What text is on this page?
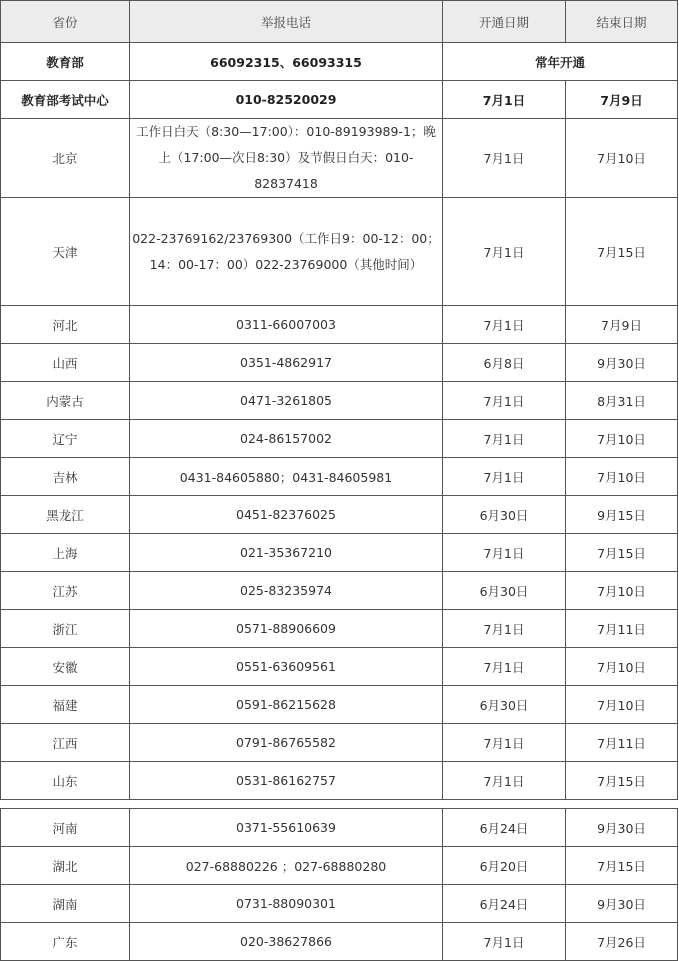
省份	举报电话	开通日期	结束日期
教育部	66092315、66093315	常年开通	
教育部考试中心	010-82520029	7月1日	7月9日
北京	工作日白天（8:30—17:00）：010-89193989-1；晚上（17:00—次日8:30）及节假日白天：010-82837418	7月1日	7月10日
天津	022-23769162/23769300（工作日9：00-12：00；14：00-17：00）022-23769000（其他时间）	7月1日	7月15日
河北	0311-66007003	7月1日	7月9日
山西	0351-4862917	6月8日	9月30日
内蒙古	0471-3261805	7月1日	8月31日
辽宁	024-86157002	7月1日	7月10日
吉林	0431-84605880；0431-84605981	7月1日	7月10日
黑龙江	0451-82376025	6月30日	9月15日
上海	021-35367210	7月1日	7月15日
江苏	025-83235974	6月30日	7月10日
浙江	0571-88906609	7月1日	7月11日
安徽	0551-63609561	7月1日	7月10日
福建	0591-86215628	6月30日	7月10日
江西	0791-86765582	7月1日	7月11日
山东	0531-86162757	7月1日	7月15日
河南	0371-55610639	6月24日	9月30日
湖北	027-68880226 ；027-68880280	6月20日	7月15日
湖南	0731-88090301	6月24日	9月30日
广东	020-38627866	7月1日	7月26日
